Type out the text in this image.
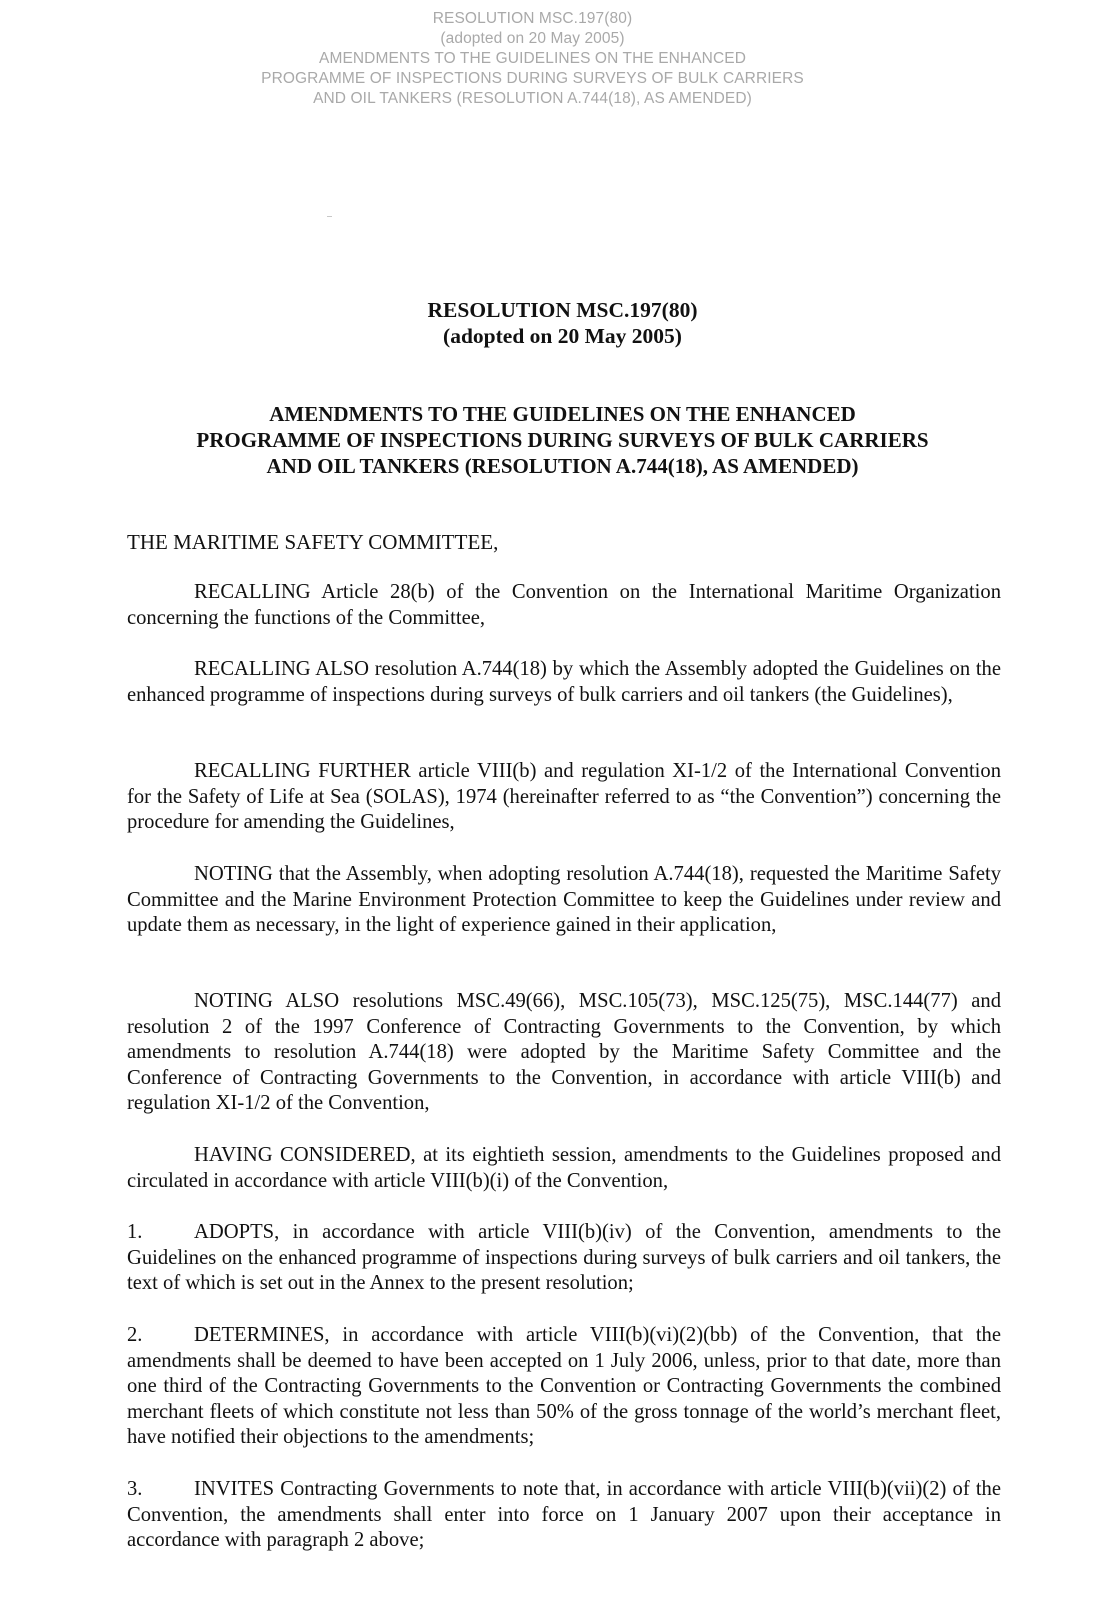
RESOLUTION MSC.197(80)
(adopted on 20 May 2005)
AMENDMENTS TO THE GUIDELINES ON THE ENHANCED
PROGRAMME OF INSPECTIONS DURING SURVEYS OF BULK CARRIERS
AND OIL TANKERS (RESOLUTION A.744(18), AS AMENDED)
RESOLUTION MSC.197(80)
(adopted on 20 May 2005)
AMENDMENTS TO THE GUIDELINES ON THE ENHANCED
PROGRAMME OF INSPECTIONS DURING SURVEYS OF BULK CARRIERS
AND OIL TANKERS (RESOLUTION A.744(18), AS AMENDED)
THE MARITIME SAFETY COMMITTEE,
RECALLING Article 28(b) of the Convention on the International Maritime Organization concerning the functions of the Committee,
RECALLING ALSO resolution A.744(18) by which the Assembly adopted the Guidelines on the enhanced programme of inspections during surveys of bulk carriers and oil tankers (the Guidelines),
RECALLING FURTHER article VIII(b) and regulation XI-1/2 of the International Convention for the Safety of Life at Sea (SOLAS), 1974 (hereinafter referred to as “the Convention”) concerning the procedure for amending the Guidelines,
NOTING that the Assembly, when adopting resolution A.744(18), requested the Maritime Safety Committee and the Marine Environment Protection Committee to keep the Guidelines under review and update them as necessary, in the light of experience gained in their application,
NOTING ALSO resolutions MSC.49(66), MSC.105(73), MSC.125(75), MSC.144(77) and resolution 2 of the 1997 Conference of Contracting Governments to the Convention, by which amendments to resolution A.744(18) were adopted by the Maritime Safety Committee and the Conference of Contracting Governments to the Convention, in accordance with article VIII(b) and regulation XI-1/2 of the Convention,
HAVING CONSIDERED, at its eightieth session, amendments to the Guidelines proposed and circulated in accordance with article VIII(b)(i) of the Convention,
1.	ADOPTS, in accordance with article VIII(b)(iv) of the Convention, amendments to the Guidelines on the enhanced programme of inspections during surveys of bulk carriers and oil tankers, the text of which is set out in the Annex to the present resolution;
2.	DETERMINES, in accordance with article VIII(b)(vi)(2)(bb) of the Convention, that the amendments shall be deemed to have been accepted on 1 July 2006, unless, prior to that date, more than one third of the Contracting Governments to the Convention or Contracting Governments the combined merchant fleets of which constitute not less than 50% of the gross tonnage of the world’s merchant fleet, have notified their objections to the amendments;
3.	INVITES Contracting Governments to note that, in accordance with article VIII(b)(vii)(2) of the Convention, the amendments shall enter into force on 1 January 2007 upon their acceptance in accordance with paragraph 2 above;
